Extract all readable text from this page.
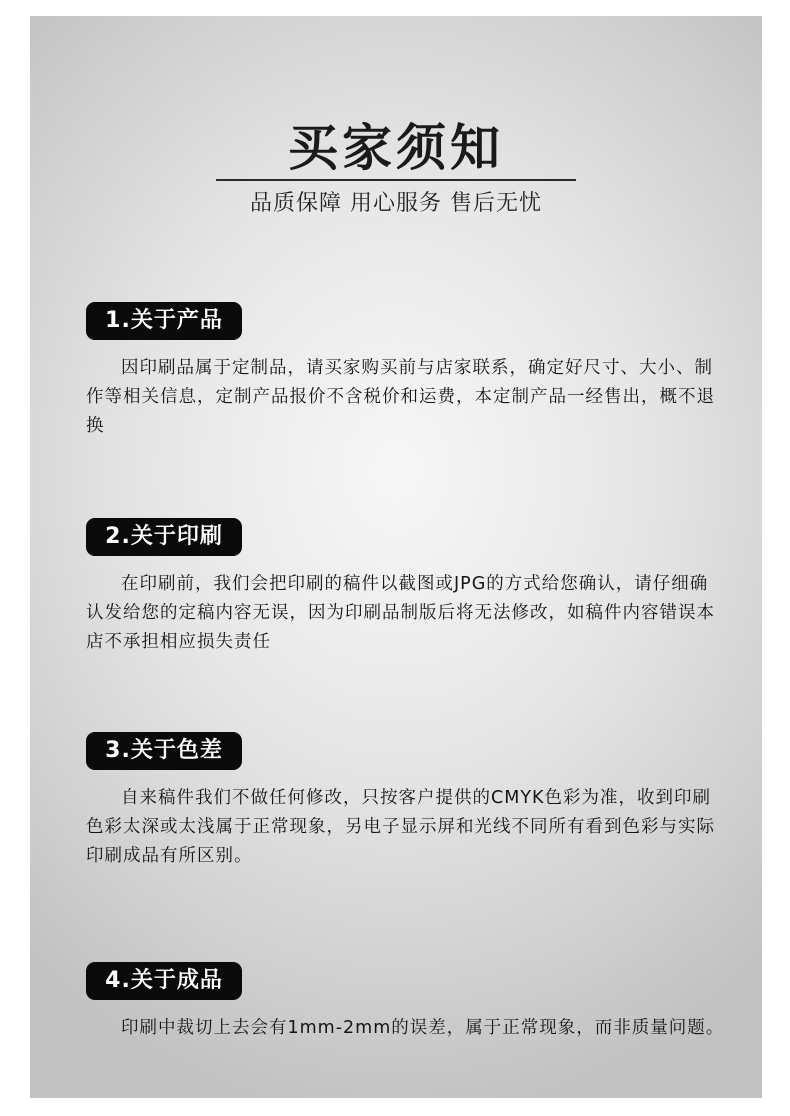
买家须知
品质保障 用心服务 售后无忧
1.关于产品

因印刷品属于定制品，请买家购买前与店家联系，确定好尺寸、大小、制作等相关信息，定制产品报价不含税价和运费，本定制产品一经售出，概不退换

2.关于印刷

在印刷前，我们会把印刷的稿件以截图或JPG的方式给您确认，请仔细确认发给您的定稿内容无误，因为印刷品制版后将无法修改，如稿件内容错误本店不承担相应损失责任

3.关于色差

自来稿件我们不做任何修改，只按客户提供的CMYK色彩为准，收到印刷色彩太深或太浅属于正常现象，另电子显示屏和光线不同所有看到色彩与实际印刷成品有所区别。

4.关于成品

印刷中裁切上去会有1mm-2mm的误差，属于正常现象，而非质量问题。
